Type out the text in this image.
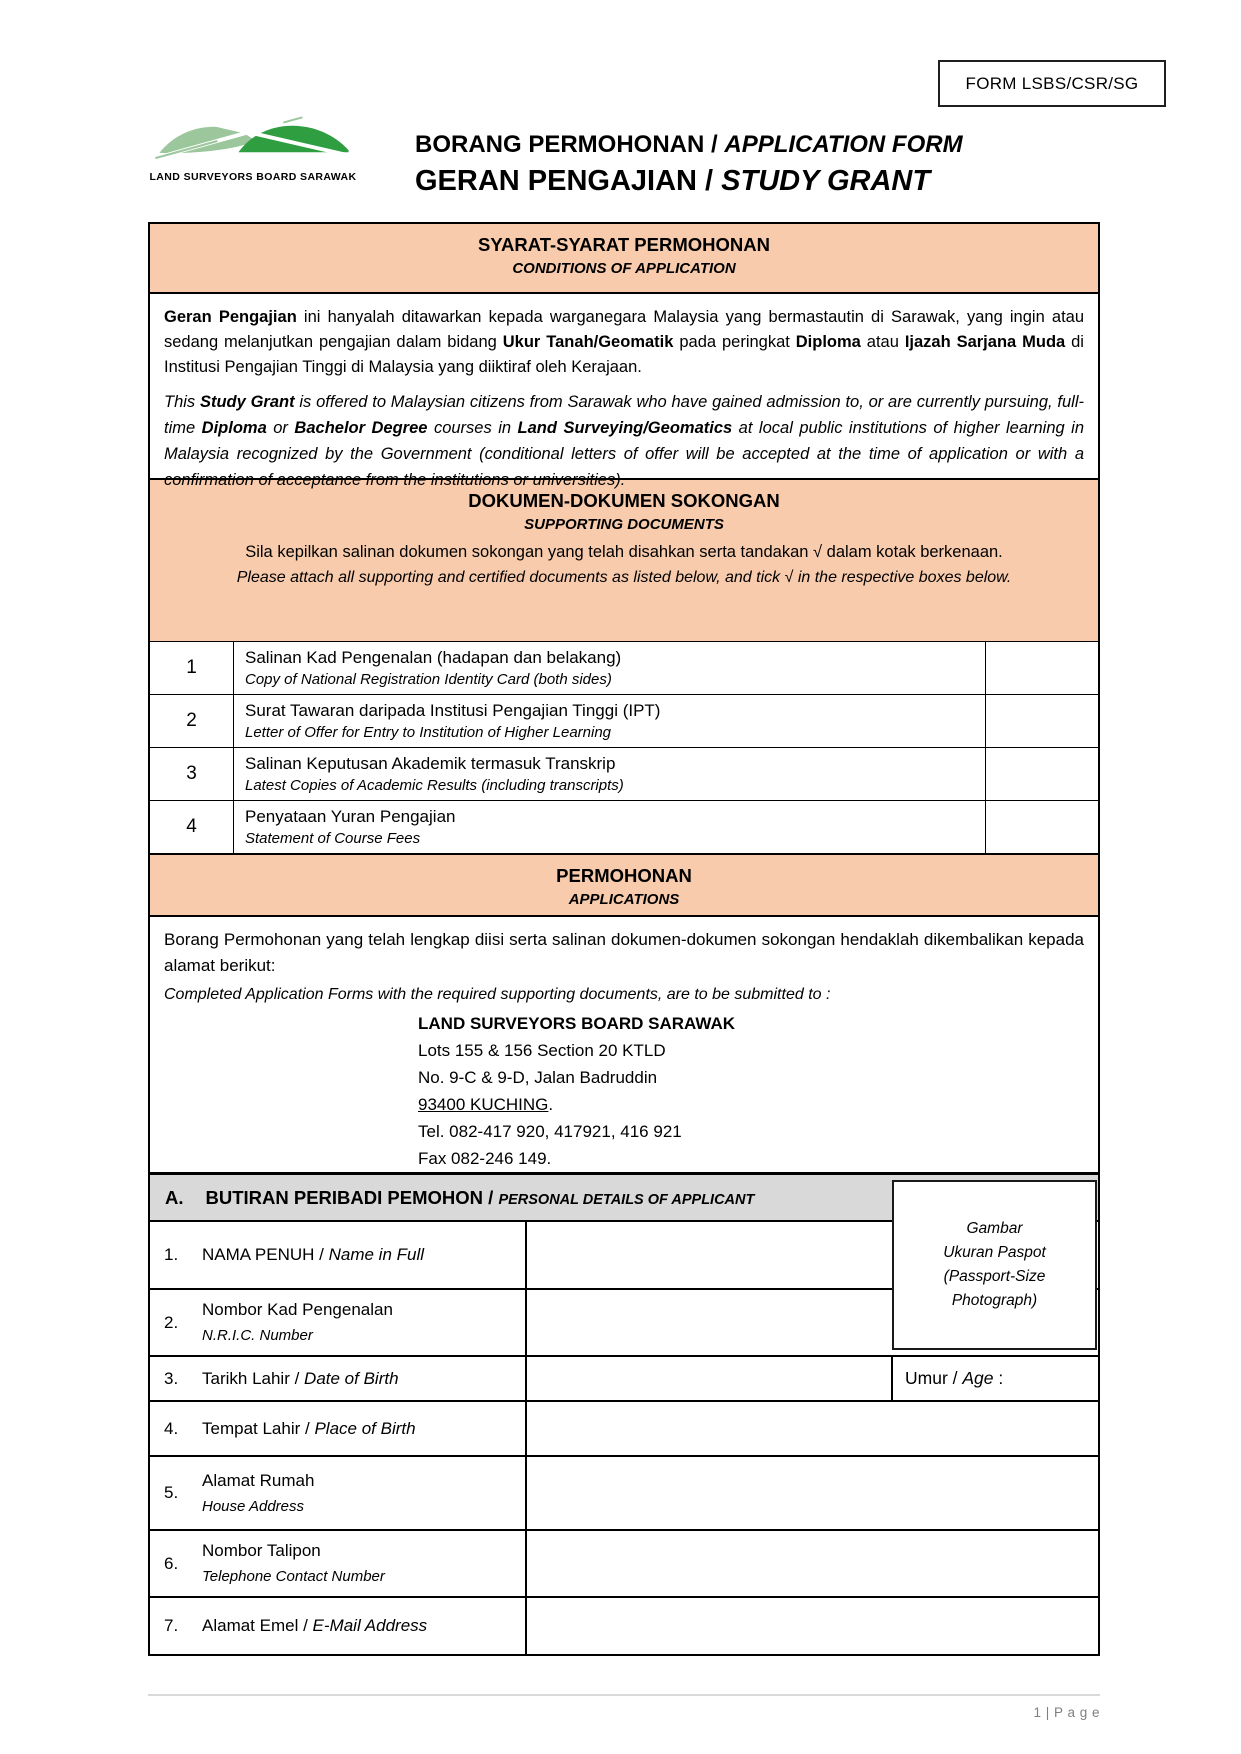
FORM LSBS/CSR/SG
LAND SURVEYORS BOARD SARAWAK
BORANG PERMOHONAN / APPLICATION FORM
GERAN PENGAJIAN / STUDY GRANT
SYARAT-SYARAT PERMOHONAN
CONDITIONS OF APPLICATION
Geran Pengajian ini hanyalah ditawarkan kepada warganegara Malaysia yang bermastautin di Sarawak, yang ingin atau sedang melanjutkan pengajian dalam bidang Ukur Tanah/Geomatik pada peringkat Diploma atau Ijazah Sarjana Muda di Institusi Pengajian Tinggi di Malaysia yang diiktiraf oleh Kerajaan.
This Study Grant is offered to Malaysian citizens from Sarawak who have gained admission to, or are currently pursuing, full-time Diploma or Bachelor Degree courses in Land Surveying/Geomatics at local public institutions of higher learning in Malaysia recognized by the Government (conditional letters of offer will be accepted at the time of application or with a confirmation of acceptance from the institutions or universities).
DOKUMEN-DOKUMEN SOKONGAN
SUPPORTING DOCUMENTS
Sila kepilkan salinan dokumen sokongan yang telah disahkan serta tandakan √ dalam kotak berkenaan.
Please attach all supporting and certified documents as listed below, and tick √ in the respective boxes below.
1	Salinan Kad Pengenalan (hadapan dan belakang)
Copy of National Registration Identity Card (both sides)
2	Surat Tawaran daripada Institusi Pengajian Tinggi (IPT)
Letter of Offer for Entry to Institution of Higher Learning
3	Salinan Keputusan Akademik termasuk Transkrip
Latest Copies of Academic Results (including transcripts)
4	Penyataan Yuran Pengajian
Statement of Course Fees
PERMOHONAN
APPLICATIONS
Borang Permohonan yang telah lengkap diisi serta salinan dokumen-dokumen sokongan hendaklah dikembalikan kepada alamat berikut:
Completed Application Forms with the required supporting documents, are to be submitted to :
LAND SURVEYORS BOARD SARAWAK
Lots 155 & 156 Section 20 KTLD
No. 9-C & 9-D, Jalan Badruddin
93400 KUCHING.
Tel. 082-417 920, 417921, 416 921
Fax 082-246 149.
A. BUTIRAN PERIBADI PEMOHON / PERSONAL DETAILS OF APPLICANT
Gambar
Ukuran Paspot
(Passport-Size
Photograph)
1.	NAMA PENUH / Name in Full
2.
Nombor Kad Pengenalan
N.R.I.C. Number
3.	Tarikh Lahir / Date of Birth	Umur / Age :
4.	Tempat Lahir / Place of Birth
5.
Alamat Rumah
House Address
6.
Nombor Talipon
Telephone Contact Number
7.	Alamat Emel / E-Mail Address
1 | P a g e
